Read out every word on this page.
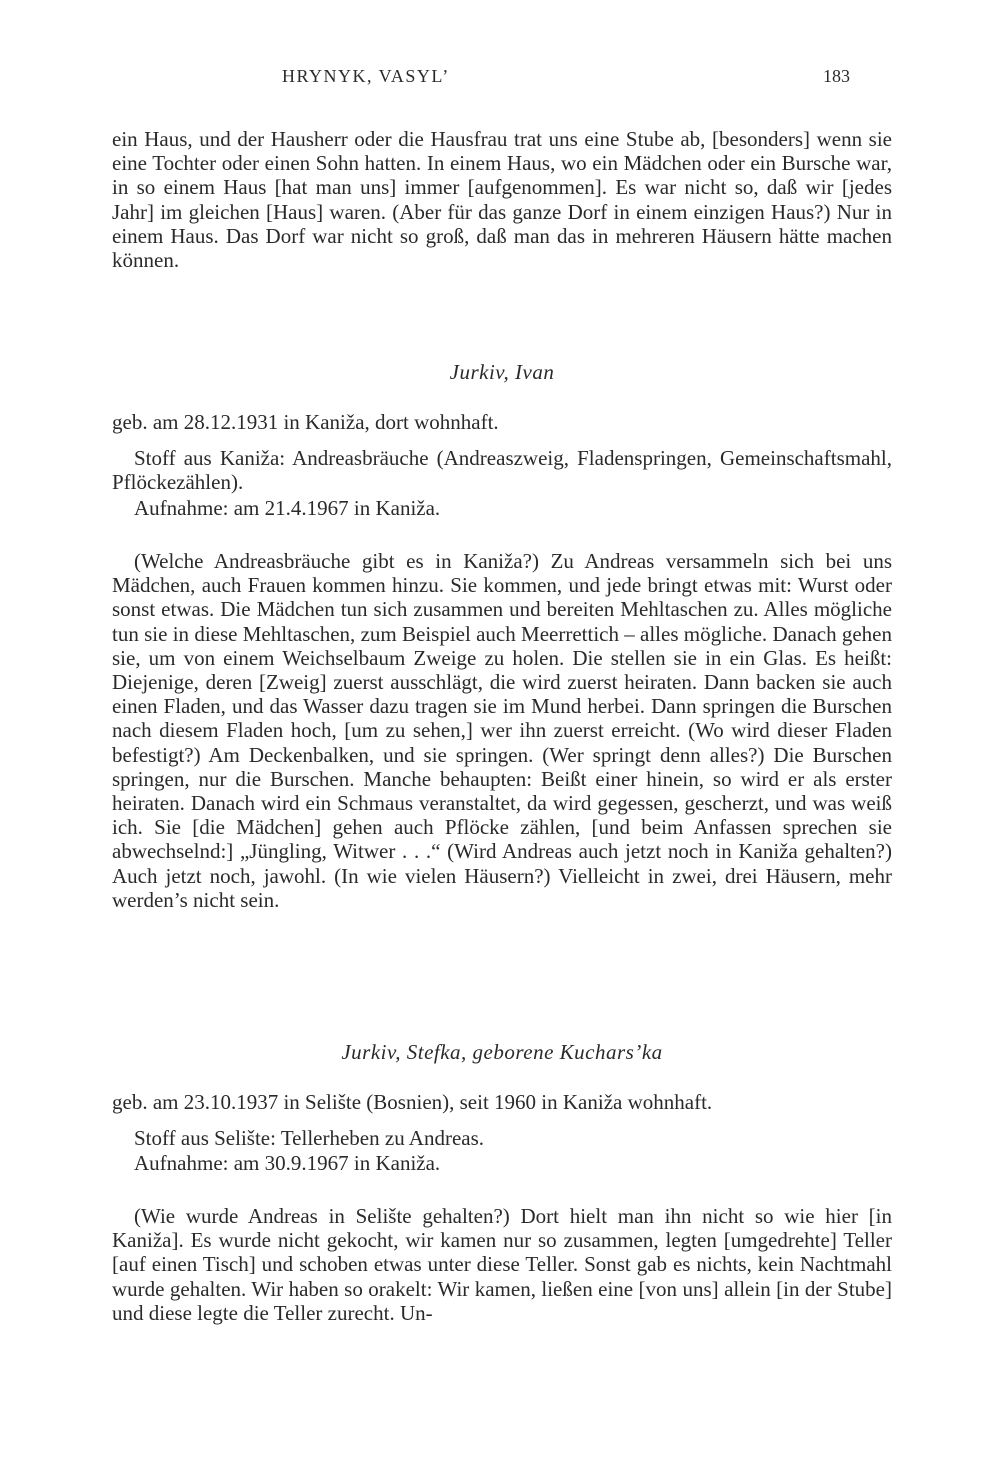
HRYNYK, VASYL’	183

ein Haus, und der Hausherr oder die Hausfrau trat uns eine Stube ab, [besonders] wenn sie eine Tochter oder einen Sohn hatten. In einem Haus, wo ein Mädchen oder ein Bursche war, in so einem Haus [hat man uns] immer [aufgenommen]. Es war nicht so, daß wir [jedes Jahr] im gleichen [Haus] waren. (Aber für das ganze Dorf in einem einzigen Haus?) Nur in einem Haus. Das Dorf war nicht so groß, daß man das in mehreren Häusern hätte machen können.

Jurkiv, Ivan

geb. am 28.12.1931 in Kaniža, dort wohnhaft.

Stoff aus Kaniža: Andreasbräuche (Andreaszweig, Fladenspringen, Gemeinschaftsmahl, Pflöckezählen).

Aufnahme: am 21.4.1967 in Kaniža.

(Welche Andreasbräuche gibt es in Kaniža?) Zu Andreas versammeln sich bei uns Mädchen, auch Frauen kommen hinzu. Sie kommen, und jede bringt etwas mit: Wurst oder sonst etwas. Die Mädchen tun sich zusammen und bereiten Mehltaschen zu. Alles mögliche tun sie in diese Mehltaschen, zum Beispiel auch Meerrettich – alles mögliche. Danach gehen sie, um von einem Weichselbaum Zweige zu holen. Die stellen sie in ein Glas. Es heißt: Diejenige, deren [Zweig] zuerst ausschlägt, die wird zuerst heiraten. Dann backen sie auch einen Fladen, und das Wasser dazu tragen sie im Mund herbei. Dann springen die Burschen nach diesem Fladen hoch, [um zu sehen,] wer ihn zuerst erreicht. (Wo wird dieser Fladen befestigt?) Am Deckenbalken, und sie springen. (Wer springt denn alles?) Die Burschen springen, nur die Burschen. Manche behaupten: Beißt einer hinein, so wird er als erster heiraten. Danach wird ein Schmaus veranstaltet, da wird gegessen, gescherzt, und was weiß ich. Sie [die Mädchen] gehen auch Pflöcke zählen, [und beim Anfassen sprechen sie abwechselnd:] „Jüngling, Witwer . . .“ (Wird Andreas auch jetzt noch in Kaniža gehalten?) Auch jetzt noch, jawohl. (In wie vielen Häusern?) Vielleicht in zwei, drei Häusern, mehr werden’s nicht sein.

Jurkiv, Stefka, geborene Kuchars’ka

geb. am 23.10.1937 in Selište (Bosnien), seit 1960 in Kaniža wohnhaft.

Stoff aus Selište: Tellerheben zu Andreas.

Aufnahme: am 30.9.1967 in Kaniža.

(Wie wurde Andreas in Selište gehalten?) Dort hielt man ihn nicht so wie hier [in Kaniža]. Es wurde nicht gekocht, wir kamen nur so zusammen, legten [umgedrehte] Teller [auf einen Tisch] und schoben etwas unter diese Teller. Sonst gab es nichts, kein Nachtmahl wurde gehalten. Wir haben so orakelt: Wir kamen, ließen eine [von uns] allein [in der Stube] und diese legte die Teller zurecht. Un-
